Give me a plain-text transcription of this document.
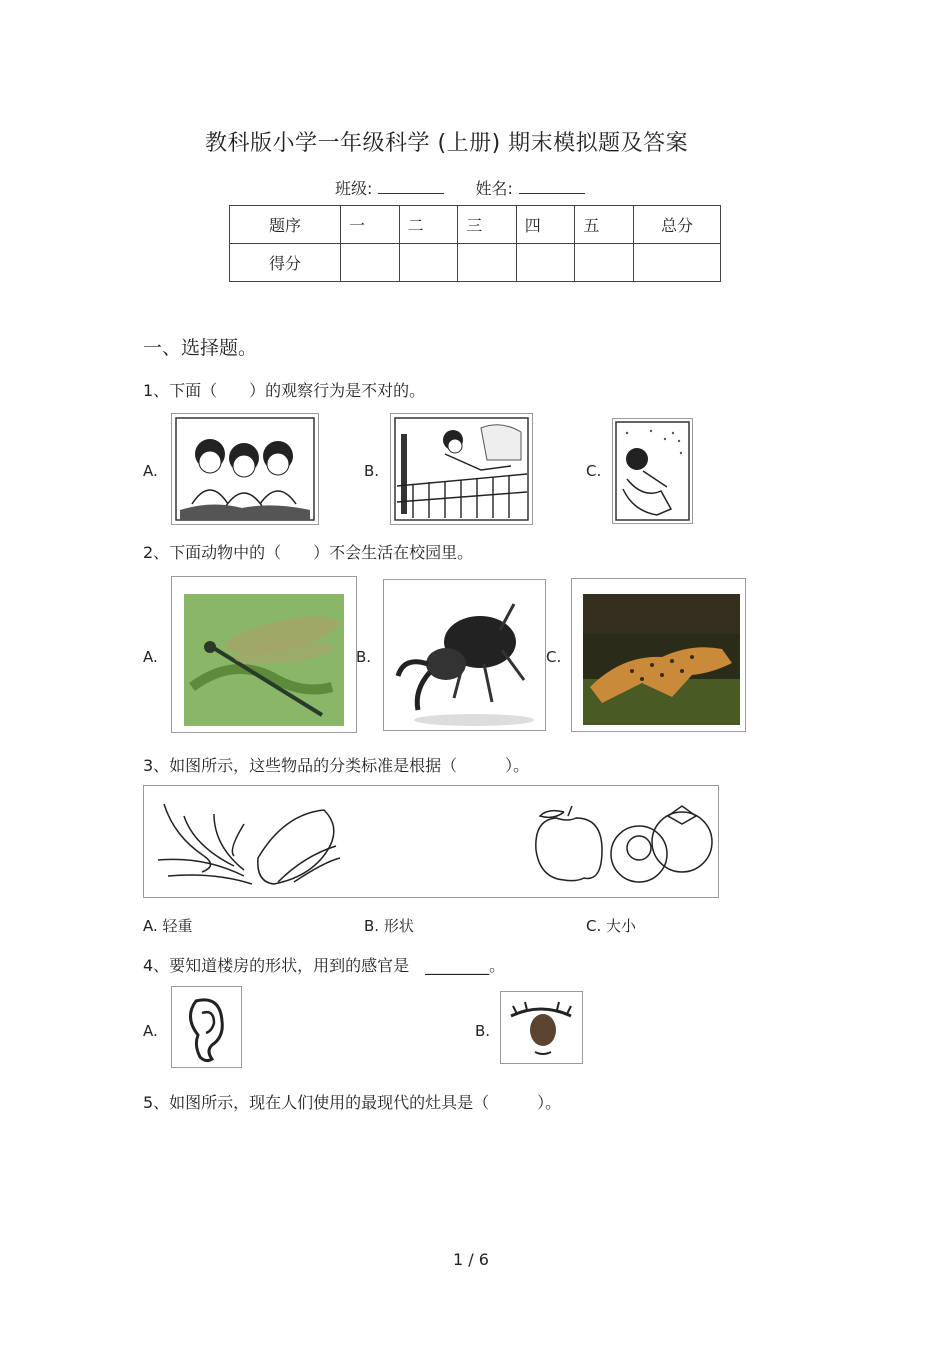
教科版小学一年级科学 (上册) 期末模拟题及答案
班级:	姓名:
题序	一	二	三	四	五	总分
得分						
一、选择题。
1、下面（　　）的观察行为是不对的。
A.	B.	C.
2、下面动物中的（　　）不会生活在校园里。
A.	B.	C.
3、如图所示，这些物品的分类标准是根据（　　　）。
A. 轻重	B. 形状	C. 大小
4、要知道楼房的形状，用到的感官是　________。
A.	B.
5、如图所示，现在人们使用的最现代的灶具是（　　　）。
1 / 6
